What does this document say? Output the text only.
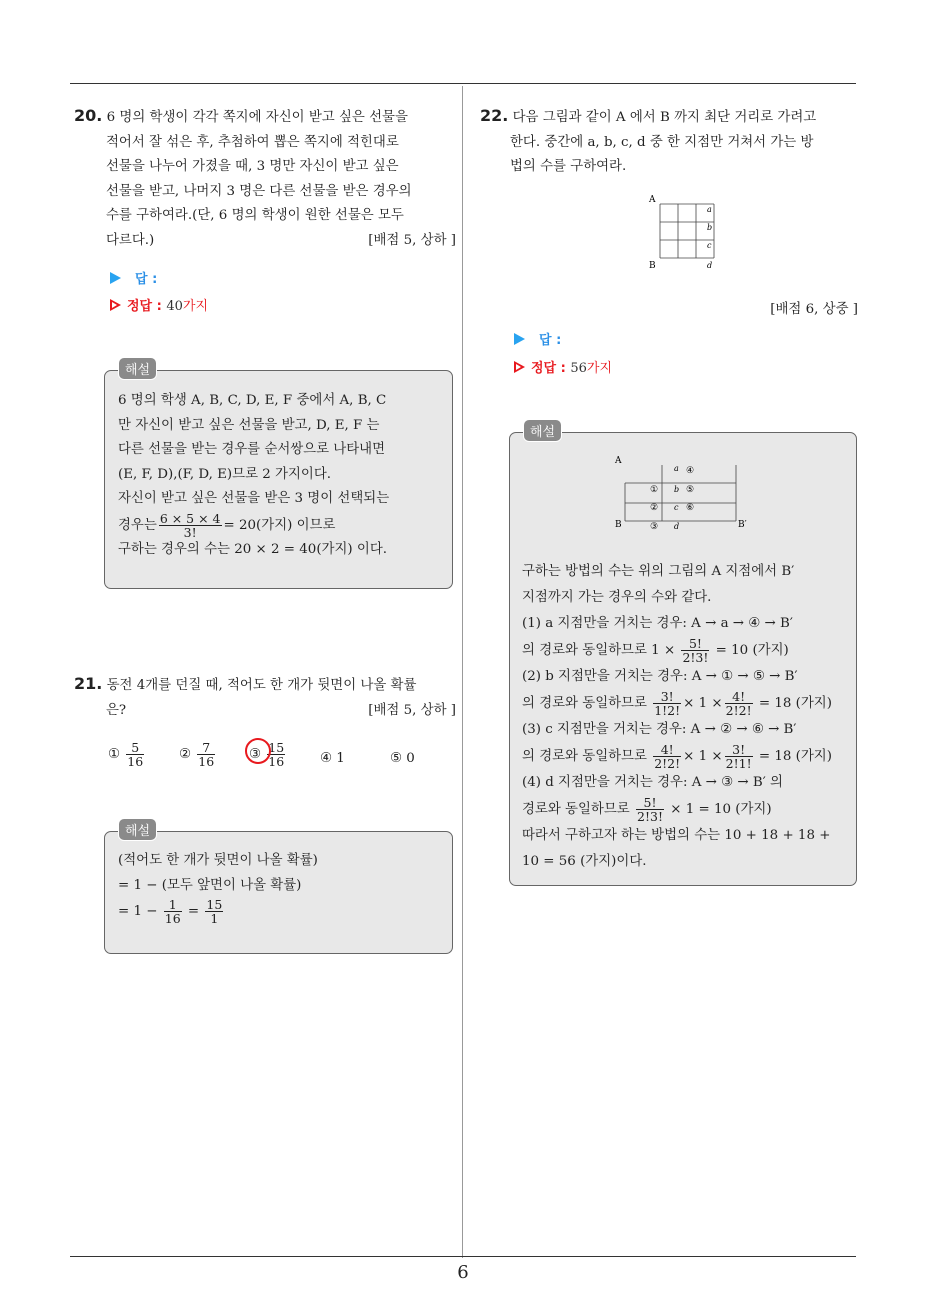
20. 6 명의 학생이 각각 쪽지에 자신이 받고 싶은 선물을
적어서 잘 섞은 후, 추첨하여 뽑은 쪽지에 적힌대로
선물을 나누어 가졌을 때, 3 명만 자신이 받고 싶은
선물을 받고, 나머지 3 명은 다른 선물을 받은 경우의
수를 구하여라.(단, 6 명의 학생이 원한 선물은 모두
다르다.)	[배점 5, 상하 ]
답 :
정답 : 40가지
해설
6 명의 학생 A, B, C, D, E, F 중에서 A, B, C
만 자신이 받고 싶은 선물을 받고, D, E, F 는
다른 선물을 받는 경우를 순서쌍으로 나타내면
(E, F, D),(F, D, E)므로 2 가지이다.
자신이 받고 싶은 선물을 받은 3 명이 선택되는
경우는 $\frac{6 \times 5 \times 4}{3!} = 20$(가지) 이므로
구하는 경우의 수는 20 × 2 = 40(가지) 이다.
21. 동전 4개를 던질 때, 적어도 한 개가 뒷면이 나올 확률
은?	[배점 5, 상하 ]
① $\frac{5}{16}$	② $\frac{7}{16}$	③ $\frac{15}{16}$	④ 1	⑤ 0
해설
(적어도 한 개가 뒷면이 나올 확률)
= 1 − (모두 앞면이 나올 확률)
= $1 - \frac{1}{16} = \frac{15}{1}$
22. 다음 그림과 같이 A 에서 B 까지 최단 거리로 가려고
한다. 중간에 a, b, c, d 중 한 지점만 거쳐서 가는 방
법의 수를 구하여라.
A
B
a
b
c
d
[배점 6, 상중 ]
답 :
정답 : 56가지
해설
A
B	B′
a ④
① b ⑤
② c ⑥
③ d
구하는 방법의 수는 위의 그림의 A 지점에서 B′
지점까지 가는 경우의 수와 같다.
(1) a 지점만을 거치는 경우: A → a → ④ → B′
의 경로와 동일하므로 $1 \times \frac{5!}{2!3!} = 10$ (가지)
(2) b 지점만을 거치는 경우: A → ① → ⑤ → B′
의 경로와 동일하므로 $\frac{3!}{1!2!} \times 1 \times \frac{4!}{2!2!} = 18$ (가지)
(3) c 지점만을 거치는 경우: A → ② → ⑥ → B′
의 경로와 동일하므로 $\frac{4!}{2!2!} \times 1 \times \frac{3!}{2!1!} = 18$ (가지)
(4) d 지점만을 거치는 경우: A → ③ → B′ 의
경로와 동일하므로 $\frac{5!}{2!3!} \times 1 = 10$ (가지)
따라서 구하고자 하는 방법의 수는 10 + 18 + 18 +
10 = 56 (가지)이다.
6
